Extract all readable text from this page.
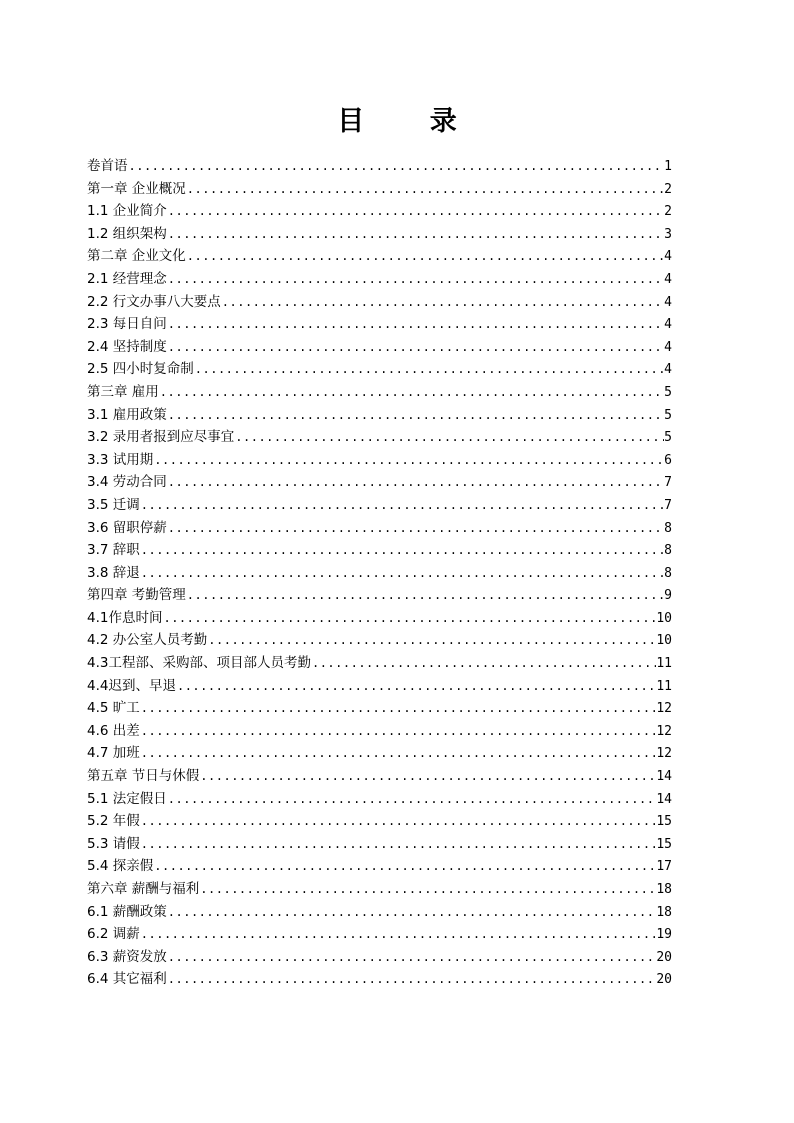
目 录
卷首语 .....	1
第一章 企业概况 .....	2
1.1 企业简介 .....	2
1.2 组织架构 .....	3
第二章 企业文化 .....	4
2.1 经营理念 .....	4
2.2 行文办事八大要点 .....	4
2.3 每日自问 .....	4
2.4 坚持制度 .....	4
2.5 四小时复命制 .....	4
第三章 雇用 .....	5
3.1 雇用政策 .....	5
3.2 录用者报到应尽事宜 .....	5
3.3 试用期 .....	6
3.4 劳动合同 .....	7
3.5 迁调 .....	7
3.6 留职停薪 .....	8
3.7 辞职 .....	8
3.8 辞退 .....	8
第四章 考勤管理 .....	9
4.1作息时间 .....	10
4.2 办公室人员考勤 .....	10
4.3工程部、采购部、项目部人员考勤 .....	11
4.4迟到、早退 .....	11
4.5 旷工 .....	12
4.6 出差 .....	12
4.7 加班 .....	12
第五章 节日与休假 .....	14
5.1 法定假日 .....	14
5.2 年假 .....	15
5.3 请假 .....	15
5.4 探亲假 .....	17
第六章 薪酬与福利 .....	18
6.1 薪酬政策 .....	18
6.2 调薪 .....	19
6.3 薪资发放 .....	20
6.4 其它福利 .....	20
